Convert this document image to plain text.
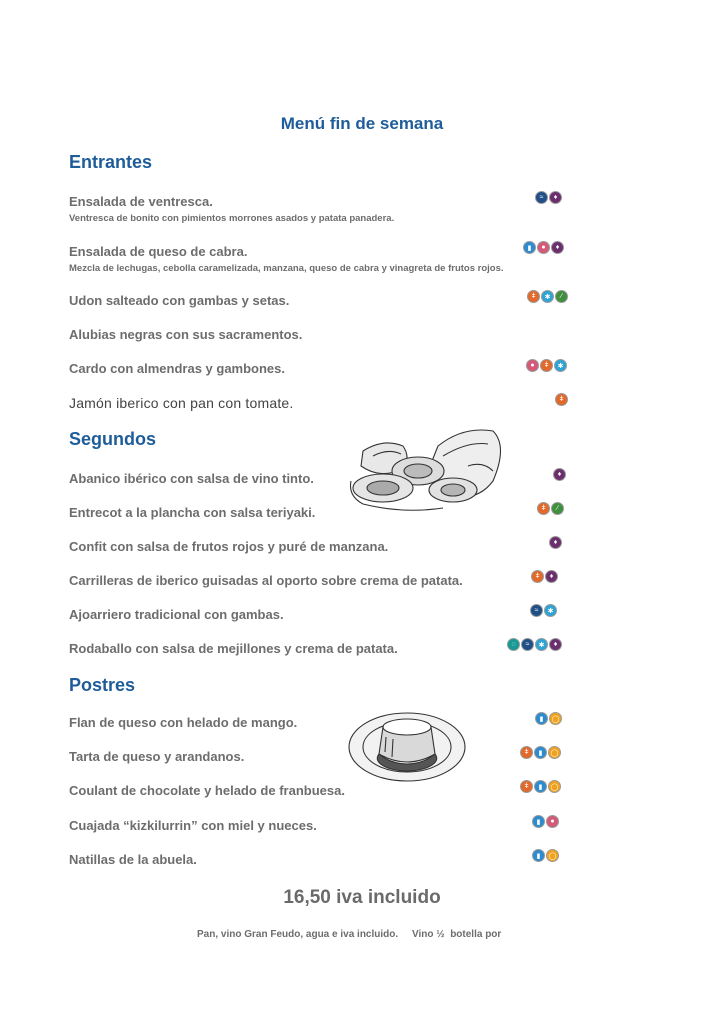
Menú fin de semana
Entrantes
Ensalada de ventresca.
Ventresca de bonito con pimientos morrones asados y patata panadera.
≈	♦
Ensalada de queso de cabra.
Mezcla de lechugas, cebolla caramelizada, manzana, queso de cabra y vinagreta de frutos rojos.
▮	●	♦
Udon salteado con gambas y setas.	ǂ	✱	∕
Alubias negras con sus sacramentos.
Cardo con almendras y gambones.	●	ǂ	✱
Jamón iberico con pan con tomate.	ǂ
Segundos
Abanico ibérico con salsa de vino tinto.	♦
Entrecot a la plancha con salsa teriyaki.	ǂ	∕
Confit con salsa de frutos rojos y puré de manzana.	♦
Carrilleras de iberico guisadas al oporto sobre crema de patata.	ǂ	♦
Ajoarriero tradicional con gambas.	≈	✱
Rodaballo con salsa de mejillones y crema de patata.	◌	≈	✱	♦
Postres
Flan de queso con helado de mango.	▮	◯
Tarta de queso y arandanos.	ǂ	▮	◯
Coulant de chocolate y helado de franbuesa.	ǂ	▮	◯
Cuajada “kizkilurrin” con miel y nueces.	▮	●
Natillas de la abuela.	▮	◯
16,50 iva incluido
Pan, vino Gran Feudo, agua e iva incluido.     Vino ½  botella por
